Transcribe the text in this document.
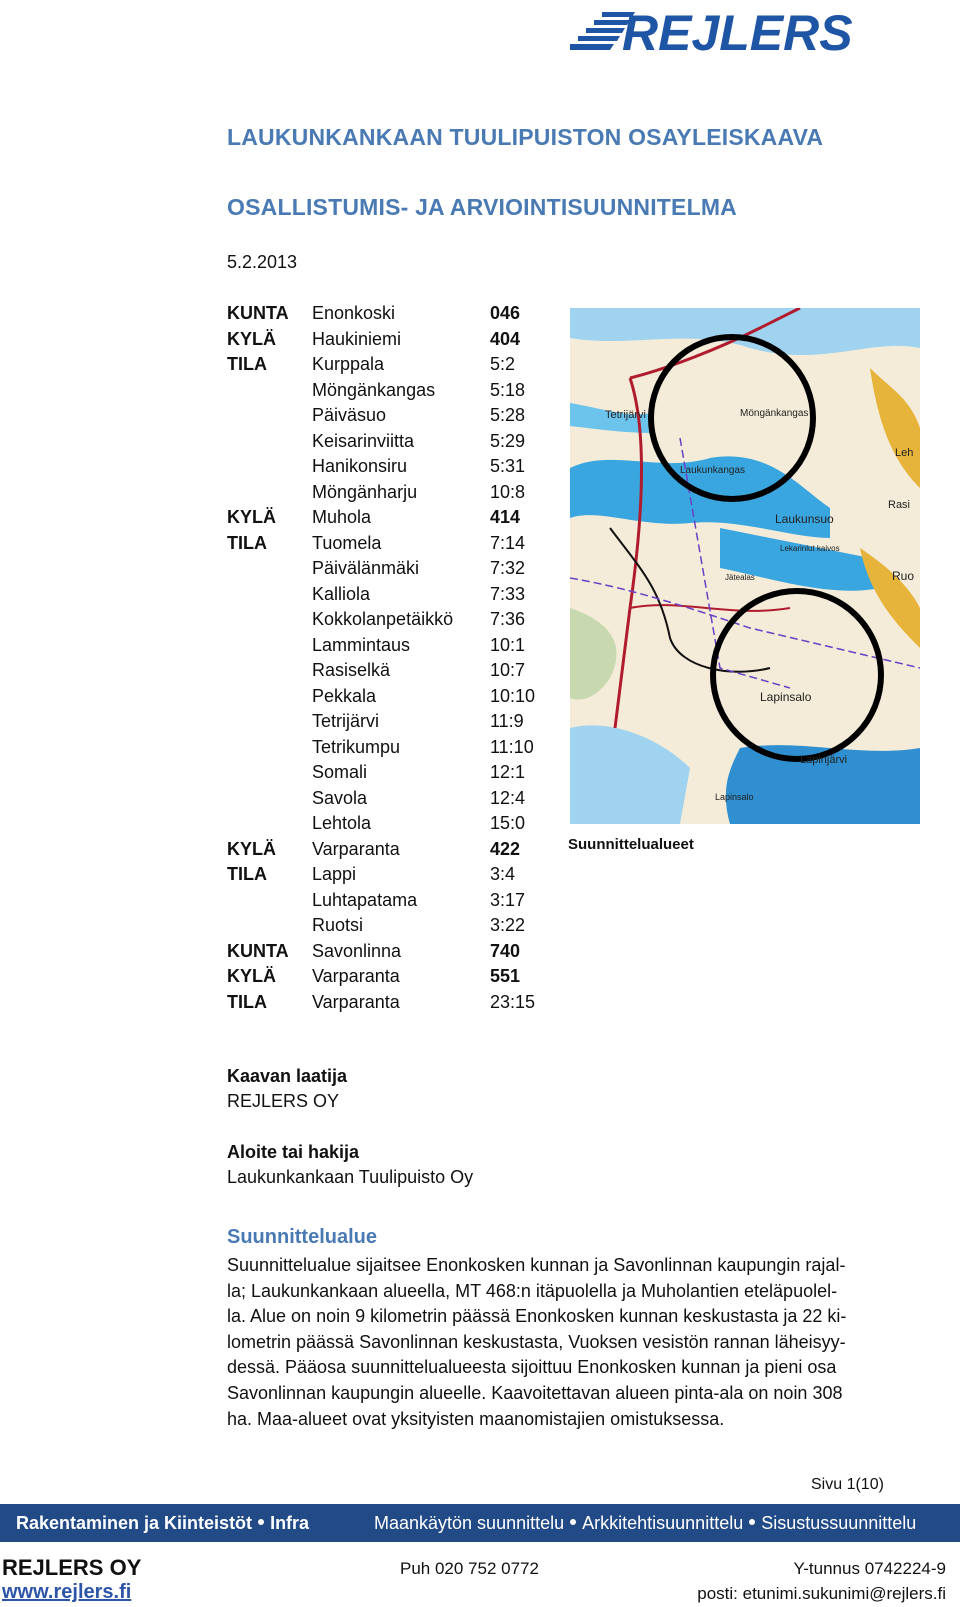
REJLERS
LAUKUNKANKAAN TUULIPUISTON OSAYLEISKAAVA
OSALLISTUMIS- JA ARVIOINTISUUNNITELMA
5.2.2013
KUNTA	Enonkoski	046
KYLÄ	Haukiniemi	404
TILA	Kurppala	5:2
Möngänkangas	5:18
Päiväsuo	5:28
Keisarinviitta	5:29
Hanikonsiru	5:31
Möngänharju	10:8
KYLÄ	Muhola	414
TILA	Tuomela	7:14
Päivälänmäki	7:32
Kalliola	7:33
Kokkolanpetäikkö	7:36
Lammintaus	10:1
Rasiselkä	10:7
Pekkala	10:10
Tetrijärvi	11:9
Tetrikumpu	11:10
Somali	12:1
Savola	12:4
Lehtola	15:0
KYLÄ	Varparanta	422
TILA	Lappi	3:4
Luhtapatama	3:17
Ruotsi	3:22
KUNTA	Savonlinna	740
KYLÄ	Varparanta	551
TILA	Varparanta	23:15
Tetrijärvi	Möngänkangas
Laukunsuo
Laukunkangas
Lekarinlut kaivos
Jätealas
Lapinsalo
Lapinjärvi
Lapinsalo
Rasi
Ruo
Leh
Suunnittelualueet
Kaavan laatija
REJLERS OY
Aloite tai hakija
Laukunkankaan Tuulipuisto Oy
Suunnittelualue
Suunnittelualue sijaitsee Enonkosken kunnan ja Savonlinnan kaupungin rajal-
la; Laukunkankaan alueella, MT 468:n itäpuolella ja Muholantien eteläpuolel-
la. Alue on noin 9 kilometrin päässä Enonkosken kunnan keskustasta ja 22 ki-
lometrin päässä Savonlinnan keskustasta, Vuoksen vesistön rannan läheisyy-
dessä. Pääosa suunnittelualueesta sijoittuu Enonkosken kunnan ja pieni osa
Savonlinnan kaupungin alueelle. Kaavoitettavan alueen pinta-ala on noin 308
ha. Maa-alueet ovat yksityisten maanomistajien omistuksessa.
Sivu 1(10)
Rakentaminen ja Kiinteistöt Infra	Maankäytön suunnittelu Arkkitehtisuunnittelu Sisustussuunnittelu
REJLERS OY
www.rejlers.fi
Puh 020 752 0772	Y-tunnus 0742224-9
posti: etunimi.sukunimi@rejlers.fi
